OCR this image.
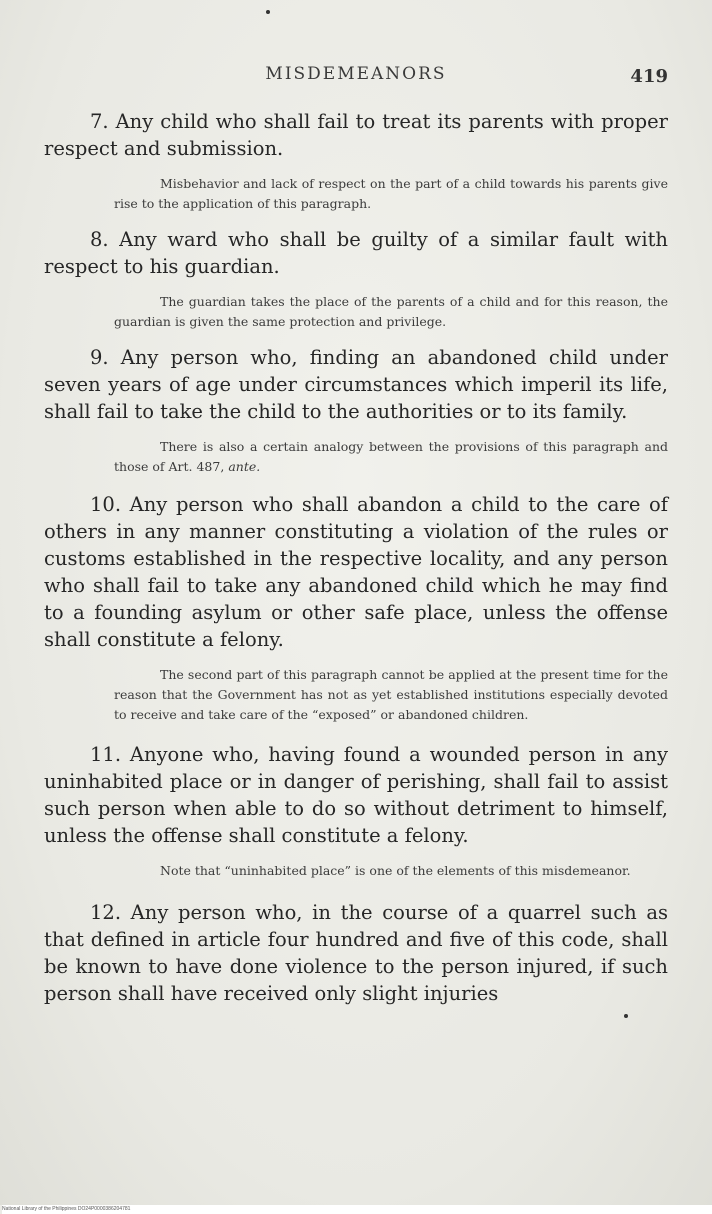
MISDEMEANORS	419

7. Any child who shall fail to treat its parents with proper respect and submission.

Misbehavior and lack of respect on the part of a child towards his parents give rise to the application of this paragraph.

8. Any ward who shall be guilty of a similar fault with respect to his guardian.

The guardian takes the place of the parents of a child and for this reason, the guardian is given the same protection and privilege.

9. Any person who, finding an abandoned child under seven years of age under circumstances which imperil its life, shall fail to take the child to the authorities or to its family.

There is also a certain analogy between the provisions of this paragraph and those of Art. 487, ante.

10. Any person who shall abandon a child to the care of others in any manner constituting a violation of the rules or customs established in the respective locality, and any person who shall fail to take any abandoned child which he may find to a founding asylum or other safe place, unless the offense shall constitute a felony.

The second part of this paragraph cannot be applied at the present time for the reason that the Government has not as yet established institutions especially devoted to receive and take care of the “exposed” or abandoned children.

11. Anyone who, having found a wounded person in any uninhabited place or in danger of perishing, shall fail to assist such person when able to do so without detriment to himself, unless the offense shall constitute a felony.

Note that “uninhabited place” is one of the elements of this misdemeanor.

12. Any person who, in the course of a quarrel such as that defined in article four hundred and five of this code, shall be known to have done violence to the person injured, if such person shall have received only slight injuries

National Library of the Philippines DO24P0000386204781
